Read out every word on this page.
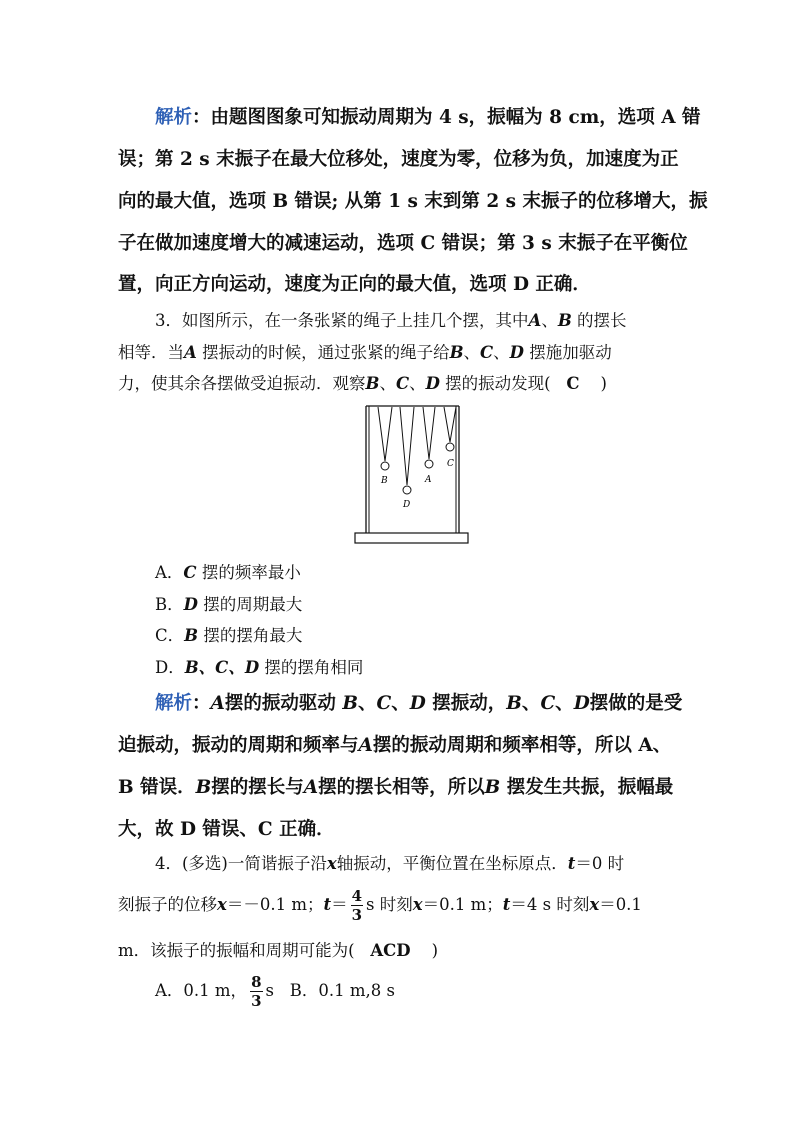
解析：由题图图象可知振动周期为 4 s，振幅为 8 cm，选项 A 错
误；第 2 s 末振子在最大位移处，速度为零，位移为负，加速度为正
向的最大值，选项 B 错误; 从第 1 s 末到第 2 s 末振子的位移增大，振
子在做加速度增大的减速运动，选项 C 错误；第 3 s 末振子在平衡位
置，向正方向运动，速度为正向的最大值，选项 D 正确．
3．如图所示，在一条张紧的绳子上挂几个摆，其中A、B 的摆长
相等．当A 摆振动的时候，通过张紧的绳子给B、C、D 摆施加驱动
力，使其余各摆做受迫振动．观察B、C、D 摆的振动发现( C )
B
D
A
C
A．C 摆的频率最小
B．D 摆的周期最大
C．B 摆的摆角最大
D．B、C、D 摆的摆角相同
解析：A摆的振动驱动 B、C、D 摆振动，B、C、D摆做的是受
迫振动，振动的周期和频率与A摆的振动周期和频率相等，所以 A、
B 错误．B摆的摆长与A摆的摆长相等，所以B 摆发生共振，振幅最
大，故 D 错误、C 正确．
4．(多选)一简谐振子沿x轴振动，平衡位置在坐标原点．t＝0 时
刻振子的位移x＝－0.1 m；$t= \frac{4}{3}$ s 时刻x＝0.1 m；t＝4 s 时刻x＝0.1
m．该振子的振幅和周期可能为( ACD )
A．0.1 m， $\frac{8}{3}$ s B．0.1 m,8 s
